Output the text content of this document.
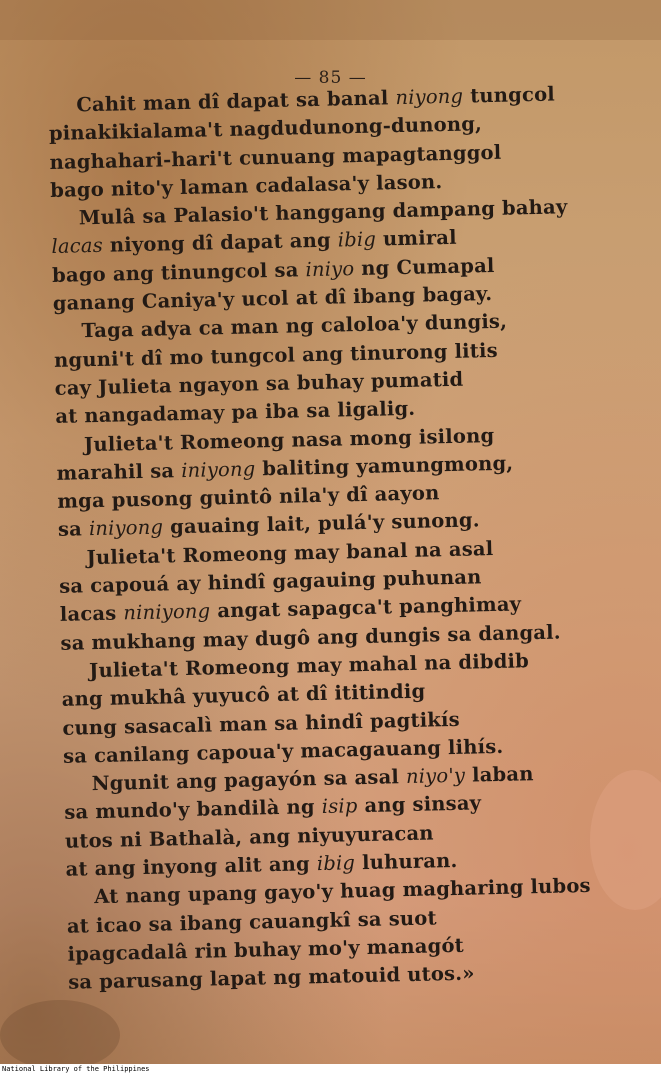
— 85 —
Cahit man dî dapat sa banal niyong tungcol
pinakikialama't nagdudunong-dunong,
naghahari-hari't cunuang mapagtanggol
bago nito'y laman cadalasa'y lason.
Mulâ sa Palasio't hanggang dampang bahay
lacas niyong dî dapat ang ibig umiral
bago ang tinungcol sa iniyo ng Cumapal
ganang Caniya'y ucol at dî ibang bagay.
Taga adya ca man ng caloloa'y dungis,
nguni't dî mo tungcol ang tinurong litis
cay Julieta ngayon sa buhay pumatid
at nangadamay pa iba sa ligalig.
Julieta't Romeong nasa mong isilong
marahil sa iniyong baliting yamungmong,
mga pusong guintô nila'y dî aayon
sa iniyong gauaing lait, pulá'y sunong.
Julieta't Romeong may banal na asal
sa capouá ay hindî gagauing puhunan
lacas niniyong angat sapagca't panghimay
sa mukhang may dugô ang dungis sa dangal.
Julieta't Romeong may mahal na dibdib
ang mukhâ yuyucô at dî ititindig
cung sasacalì man sa hindî pagtikís
sa canilang capoua'y macagauang lihís.
Ngunit ang pagayón sa asal niyo'y laban
sa mundo'y bandilà ng isip ang sinsay
utos ni Bathalà, ang niyuyuracan
at ang inyong alit ang ibig luhuran.
At nang upang gayo'y huag magharing lubos
at icao sa ibang cauangkî sa suot
ipagcadalâ rin buhay mo'y managót
sa parusang lapat ng matouid utos.»
National Library of the Philippines
